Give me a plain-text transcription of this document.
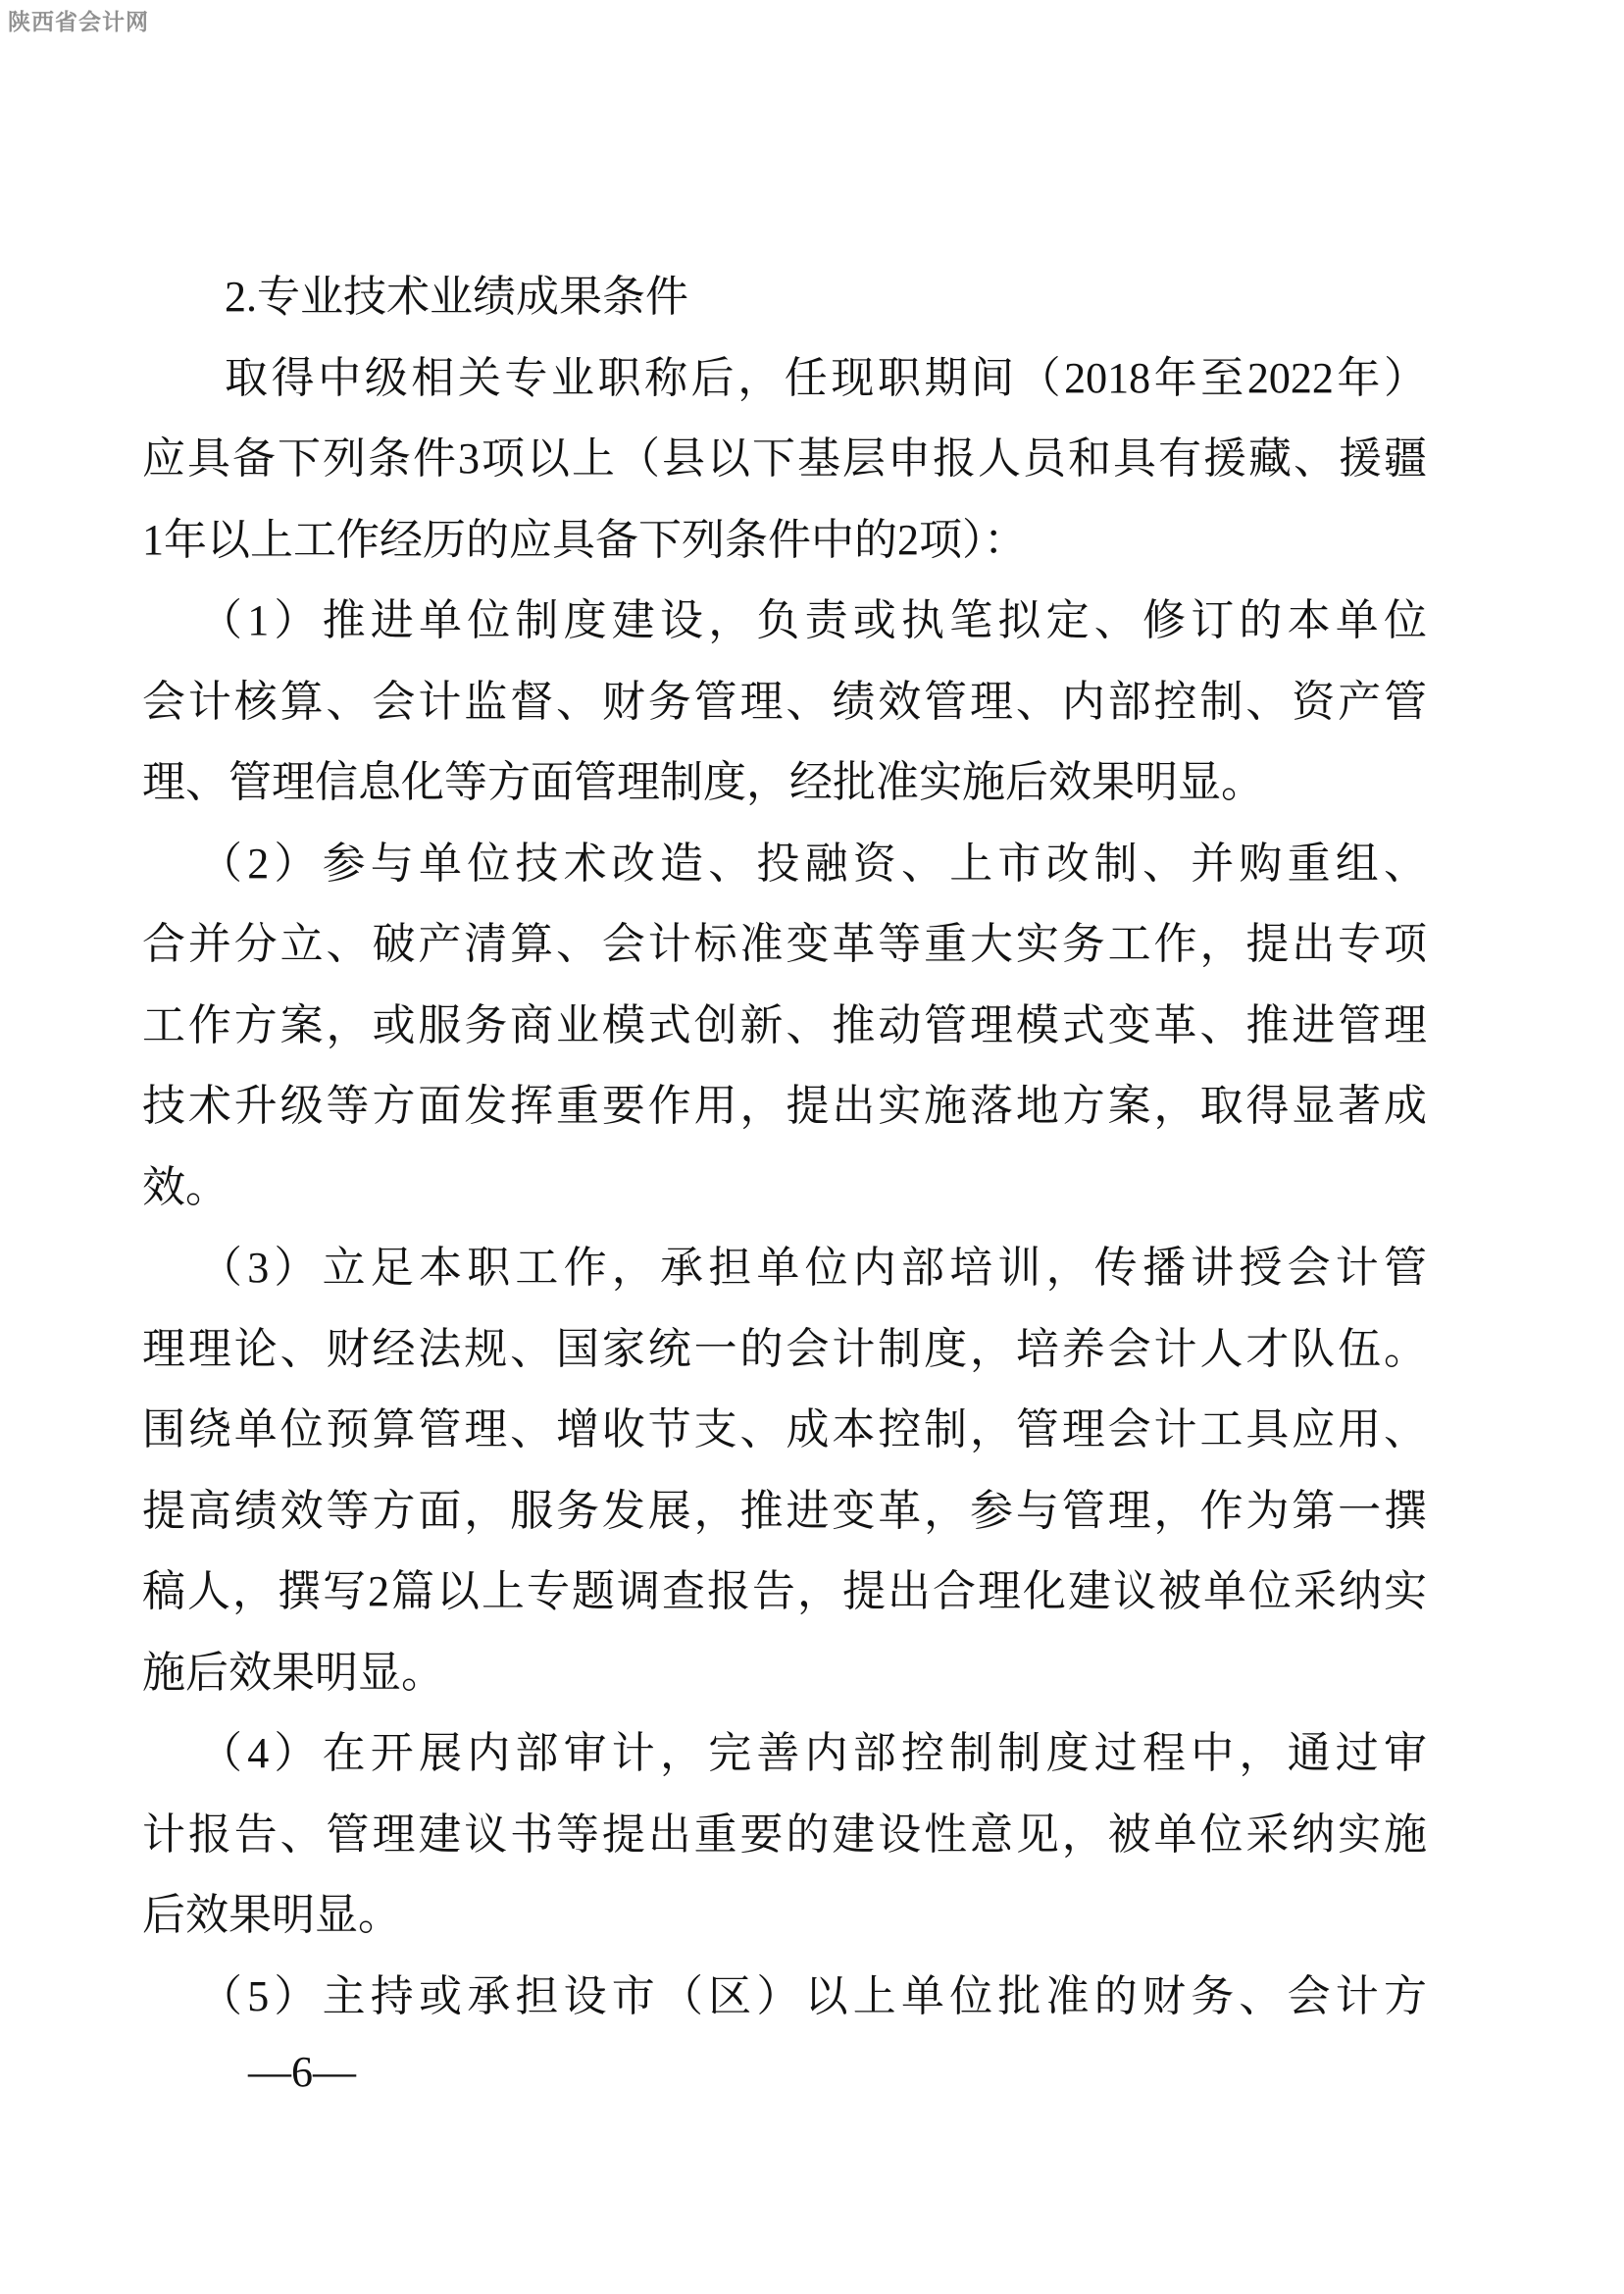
陕西省会计网
2.专业技术业绩成果条件
取得中级相关专业职称后，任现职期间（2018年至2022年）
应具备下列条件3项以上（县以下基层申报人员和具有援藏、援疆
1年以上工作经历的应具备下列条件中的2项）：
（1）推进单位制度建设，负责或执笔拟定、修订的本单位
会计核算、会计监督、财务管理、绩效管理、内部控制、资产管
理、管理信息化等方面管理制度，经批准实施后效果明显。
（2）参与单位技术改造、投融资、上市改制、并购重组、
合并分立、破产清算、会计标准变革等重大实务工作，提出专项
工作方案，或服务商业模式创新、推动管理模式变革、推进管理
技术升级等方面发挥重要作用，提出实施落地方案，取得显著成
效。
（3）立足本职工作，承担单位内部培训，传播讲授会计管
理理论、财经法规、国家统一的会计制度，培养会计人才队伍。
围绕单位预算管理、增收节支、成本控制，管理会计工具应用、
提高绩效等方面，服务发展，推进变革，参与管理，作为第一撰
稿人，撰写2篇以上专题调查报告，提出合理化建议被单位采纳实
施后效果明显。
（4）在开展内部审计，完善内部控制制度过程中，通过审
计报告、管理建议书等提出重要的建设性意见，被单位采纳实施
后效果明显。
（5）主持或承担设市（区）以上单位批准的财务、会计方
—6—
